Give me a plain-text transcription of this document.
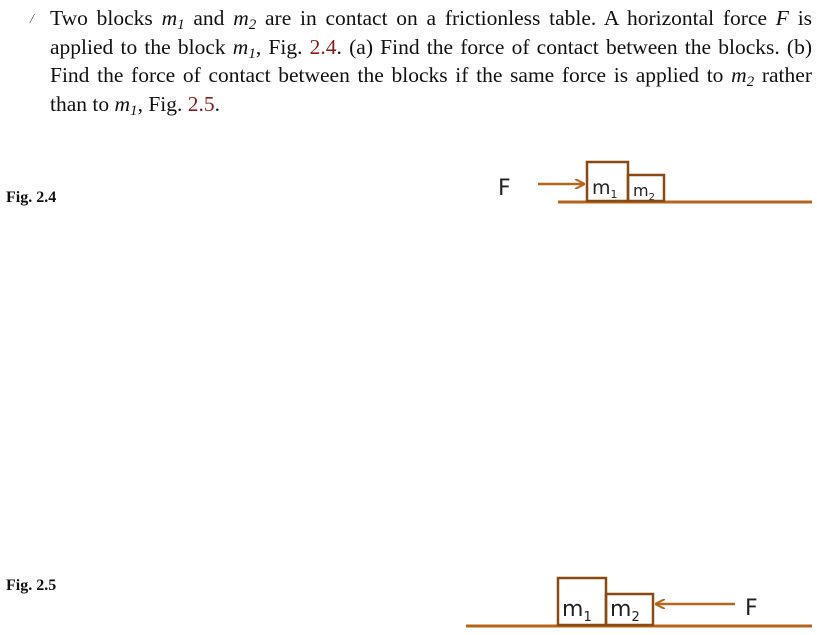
/ Two blocks $m_1$ and $m_2$ are in contact on a frictionless table. A horizontal force F is applied to the block $m_1$, Fig. 2.4. (a) Find the force of contact between the blocks. (b) Find the force of contact between the blocks if the same force is applied to $m_2$ rather than to $m_1$, Fig. 2.5.

Fig. 2.4

Fig. 2.5

F	$m_1$ $m_2$
F
$m_1$ $m_2$
